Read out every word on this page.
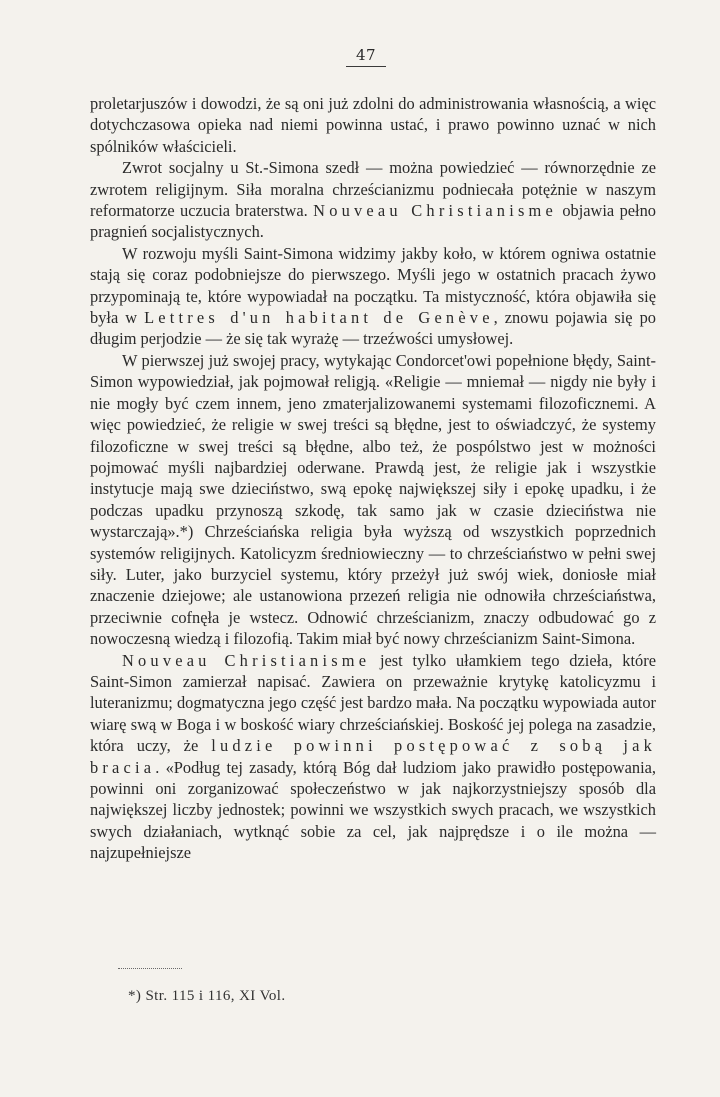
47

proletarjuszów i dowodzi, że są oni już zdolni do administrowania własnością, a więc dotychczasowa opieka nad niemi powinna ustać, i prawo powinno uznać w nich spólników właścicieli.

Zwrot socjalny u St.-Simona szedł — można powiedzieć — równorzędnie ze zwrotem religijnym. Siła moralna chrześcianizmu podniecała potężnie w naszym reformatorze uczucia braterstwa. Nouveau Christianisme objawia pełno pragnień socjalistycznych.

W rozwoju myśli Saint-Simona widzimy jakby koło, w którem ogniwa ostatnie stają się coraz podobniejsze do pierwszego. Myśli jego w ostatnich pracach żywo przypominają te, które wypowiadał na początku. Ta mistyczność, która objawiła się była w Lettres d'un habitant de Genève, znowu pojawia się po długim perjodzie — że się tak wyrażę — trzeźwości umysłowej.

W pierwszej już swojej pracy, wytykając Condorcet'owi popełnione błędy, Saint-Simon wypowiedział, jak pojmował religją. «Religie — mniemał — nigdy nie były i nie mogły być czem innem, jeno zmaterjalizowanemi systemami filozoficznemi. A więc powiedzieć, że religie w swej treści są błędne, jest to oświadczyć, że systemy filozoficzne w swej treści są błędne, albo też, że pospólstwo jest w możności pojmować myśli najbardziej oderwane. Prawdą jest, że religie jak i wszystkie instytucje mają swe dzieciństwo, swą epokę największej siły i epokę upadku, i że podczas upadku przynoszą szkodę, tak samo jak w czasie dzieciństwa nie wystarczają».*) Chrześciańska religia była wyższą od wszystkich poprzednich systemów religijnych. Katolicyzm średniowieczny — to chrześciaństwo w pełni swej siły. Luter, jako burzyciel systemu, który przeżył już swój wiek, doniosłe miał znaczenie dziejowe; ale ustanowiona przezeń religia nie odnowiła chrześciaństwa, przeciwnie cofnęła je wstecz. Odnowić chrześcianizm, znaczy odbudować go z nowoczesną wiedzą i filozofią. Takim miał być nowy chrześcianizm Saint-Simona.

Nouveau Christianisme jest tylko ułamkiem tego dzieła, które Saint-Simon zamierzał napisać. Zawiera on przeważnie krytykę katolicyzmu i luteranizmu; dogmatyczna jego część jest bardzo mała. Na początku wypowiada autor wiarę swą w Boga i w boskość wiary chrześciańskiej. Boskość jej polega na zasadzie, która uczy, że ludzie powinni postępować z sobą jak bracia. «Podług tej zasady, którą Bóg dał ludziom jako prawidło postępowania, powinni oni zorganizować społeczeństwo w jak najkorzystniejszy sposób dla największej liczby jednostek; powinni we wszystkich swych pracach, we wszystkich swych działaniach, wytknąć sobie za cel, jak najprędsze i o ile można — najzupełniejsze

*) Str. 115 i 116, XI Vol.
